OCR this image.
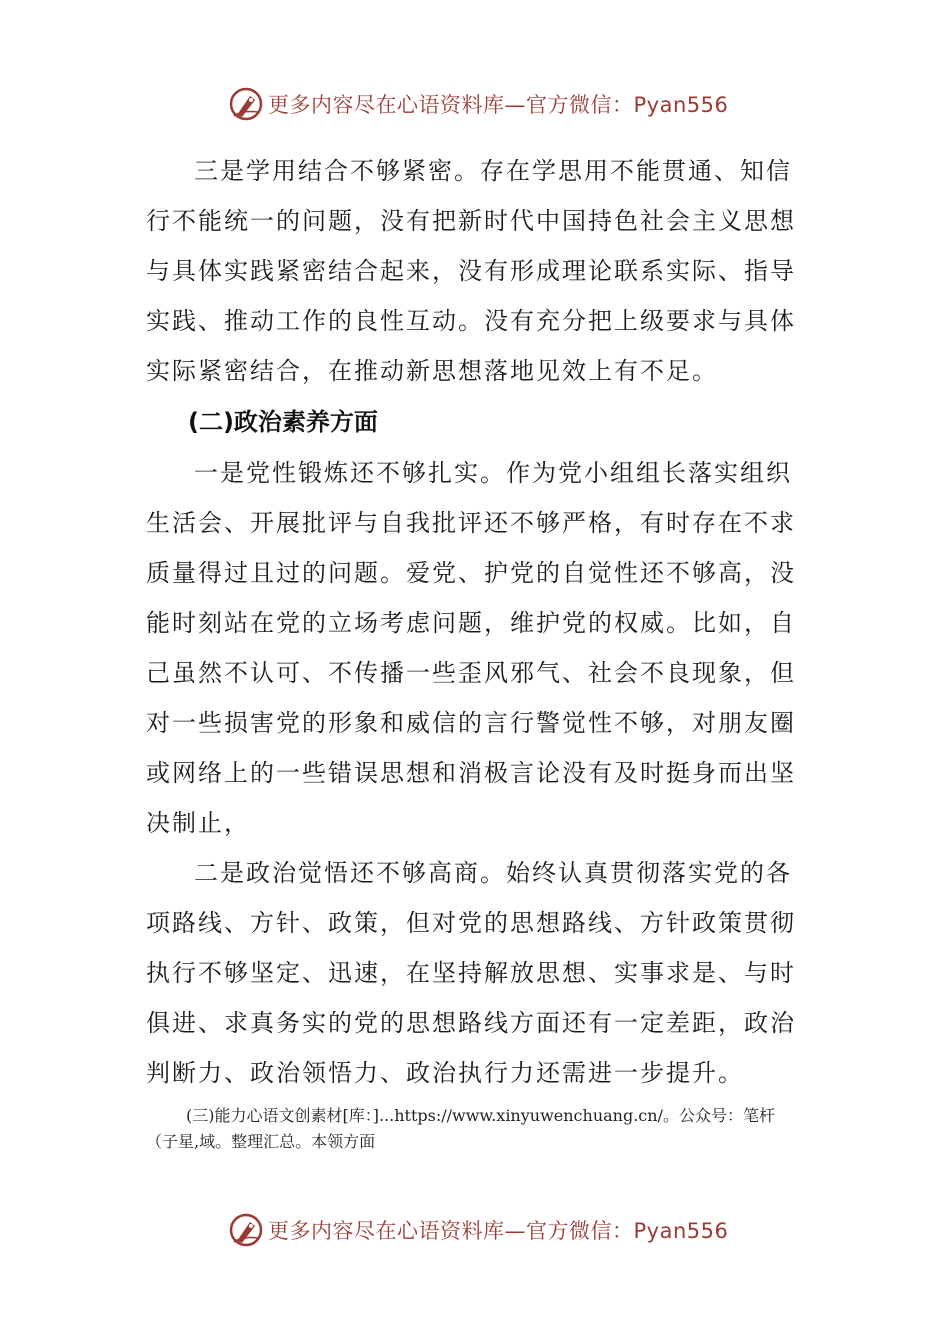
更多内容尽在心语资料库—官方微信：Pyan556

三是学用结合不够紧密。存在学思用不能贯通、知信行不能统一的问题，没有把新时代中国持色社会主义思想与具体实践紧密结合起来，没有形成理论联系实际、指导实践、推动工作的良性互动。没有充分把上级要求与具体实际紧密结合，在推动新思想落地见效上有不足。

(二)政治素养方面

一是党性锻炼还不够扎实。作为党小组组长落实组织生活会、开展批评与自我批评还不够严格，有时存在不求质量得过且过的问题。爱党、护党的自觉性还不够高，没能时刻站在党的立场考虑问题，维护党的权威。比如，自己虽然不认可、不传播一些歪风邪气、社会不良现象，但对一些损害党的形象和威信的言行警觉性不够，对朋友圈或网络上的一些错误思想和消极言论没有及时挺身而出坚决制止，

二是政治觉悟还不够高商。始终认真贯彻落实党的各项路线、方针、政策，但对党的思想路线、方针政策贯彻执行不够坚定、迅速，在坚持解放思想、实事求是、与时俱进、求真务实的党的思想路线方面还有一定差距，政治判断力、政治领悟力、政治执行力还需进一步提升。

(三)能力心语文创素材[库：]...https://www.xinyuwenchuang.cn/。公众号：笔杆（子星,域。整理汇总。本领方面

更多内容尽在心语资料库—官方微信：Pyan556
